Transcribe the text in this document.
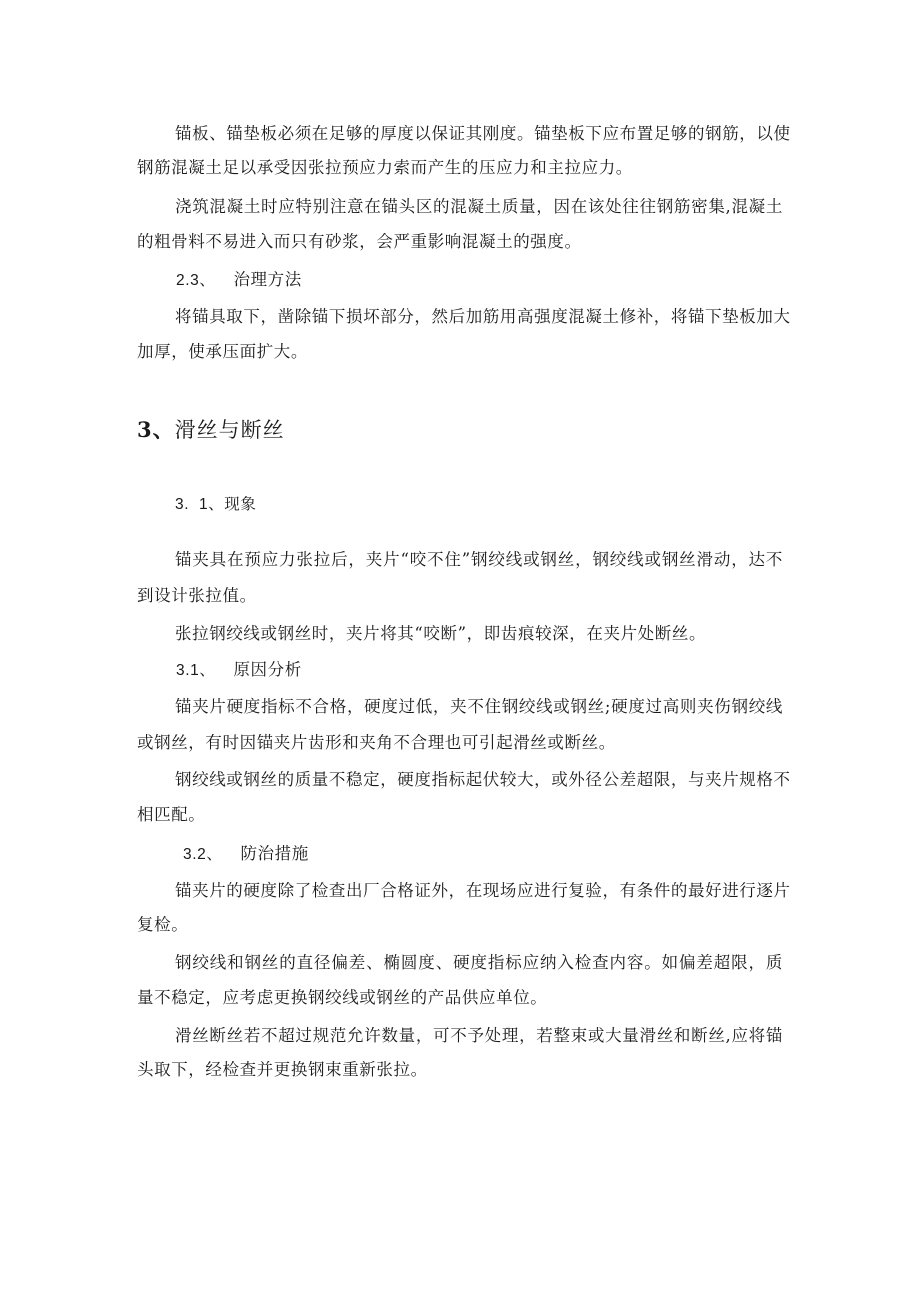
锚板、锚垫板必须在足够的厚度以保证其刚度。锚垫板下应布置足够的钢筋，以使
钢筋混凝土足以承受因张拉预应力索而产生的压应力和主拉应力。
浇筑混凝土时应特别注意在锚头区的混凝土质量，因在该处往往钢筋密集,混凝土
的粗骨料不易进入而只有砂浆，会严重影响混凝土的强度。
2.3、 治理方法
将锚具取下，凿除锚下损坏部分，然后加筋用高强度混凝土修补，将锚下垫板加大
加厚，使承压面扩大。
3、滑丝与断丝
3.  1、现象
锚夹具在预应力张拉后，夹片“咬不住”钢绞线或钢丝，钢绞线或钢丝滑动，达不
到设计张拉值。
张拉钢绞线或钢丝时，夹片将其“咬断”，即齿痕较深，在夹片处断丝。
3.1、 原因分析
锚夹片硬度指标不合格，硬度过低，夹不住钢绞线或钢丝;硬度过高则夹伤钢绞线
或钢丝，有时因锚夹片齿形和夹角不合理也可引起滑丝或断丝。
钢绞线或钢丝的质量不稳定，硬度指标起伏较大，或外径公差超限，与夹片规格不
相匹配。
3.2、 防治措施
锚夹片的硬度除了检查出厂合格证外，在现场应进行复验，有条件的最好进行逐片
复检。
钢绞线和钢丝的直径偏差、椭圆度、硬度指标应纳入检查内容。如偏差超限，质
量不稳定，应考虑更换钢绞线或钢丝的产品供应单位。
滑丝断丝若不超过规范允许数量，可不予处理，若整束或大量滑丝和断丝,应将锚
头取下，经检查并更换钢束重新张拉。
